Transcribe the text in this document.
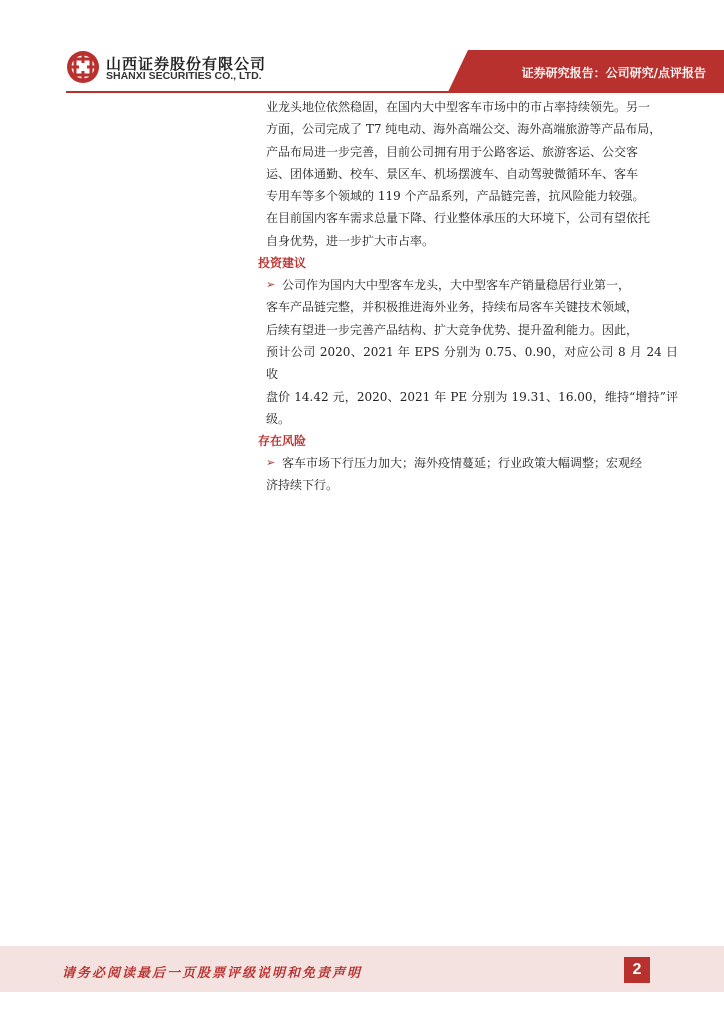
山西证券股份有限公司
SHANXI SECURITIES CO., LTD.	证券研究报告：公司研究/点评报告

业龙头地位依然稳固，在国内大中型客车市场中的市占率持续领先。另一

方面，公司完成了 T7 纯电动、海外高端公交、海外高端旅游等产品布局，

产品布局进一步完善，目前公司拥有用于公路客运、旅游客运、公交客

运、团体通勤、校车、景区车、机场摆渡车、自动驾驶微循环车、客车

专用车等多个领域的 119 个产品系列，产品链完善，抗风险能力较强。

在目前国内客车需求总量下降、行业整体承压的大环境下，公司有望依托

自身优势，进一步扩大市占率。

投资建议

➢ 公司作为国内大中型客车龙头，大中型客车产销量稳居行业第一，

客车产品链完整，并积极推进海外业务，持续布局客车关键技术领域，

后续有望进一步完善产品结构、扩大竞争优势、提升盈利能力。因此，

预计公司 2020、2021 年 EPS 分别为 0.75、0.90，对应公司 8 月 24 日收

盘价 14.42 元，2020、2021 年 PE 分别为 19.31、16.00，维持“增持”评级。

存在风险

➢ 客车市场下行压力加大；海外疫情蔓延；行业政策大幅调整；宏观经

济持续下行。

请务必阅读最后一页股票评级说明和免责声明	2
